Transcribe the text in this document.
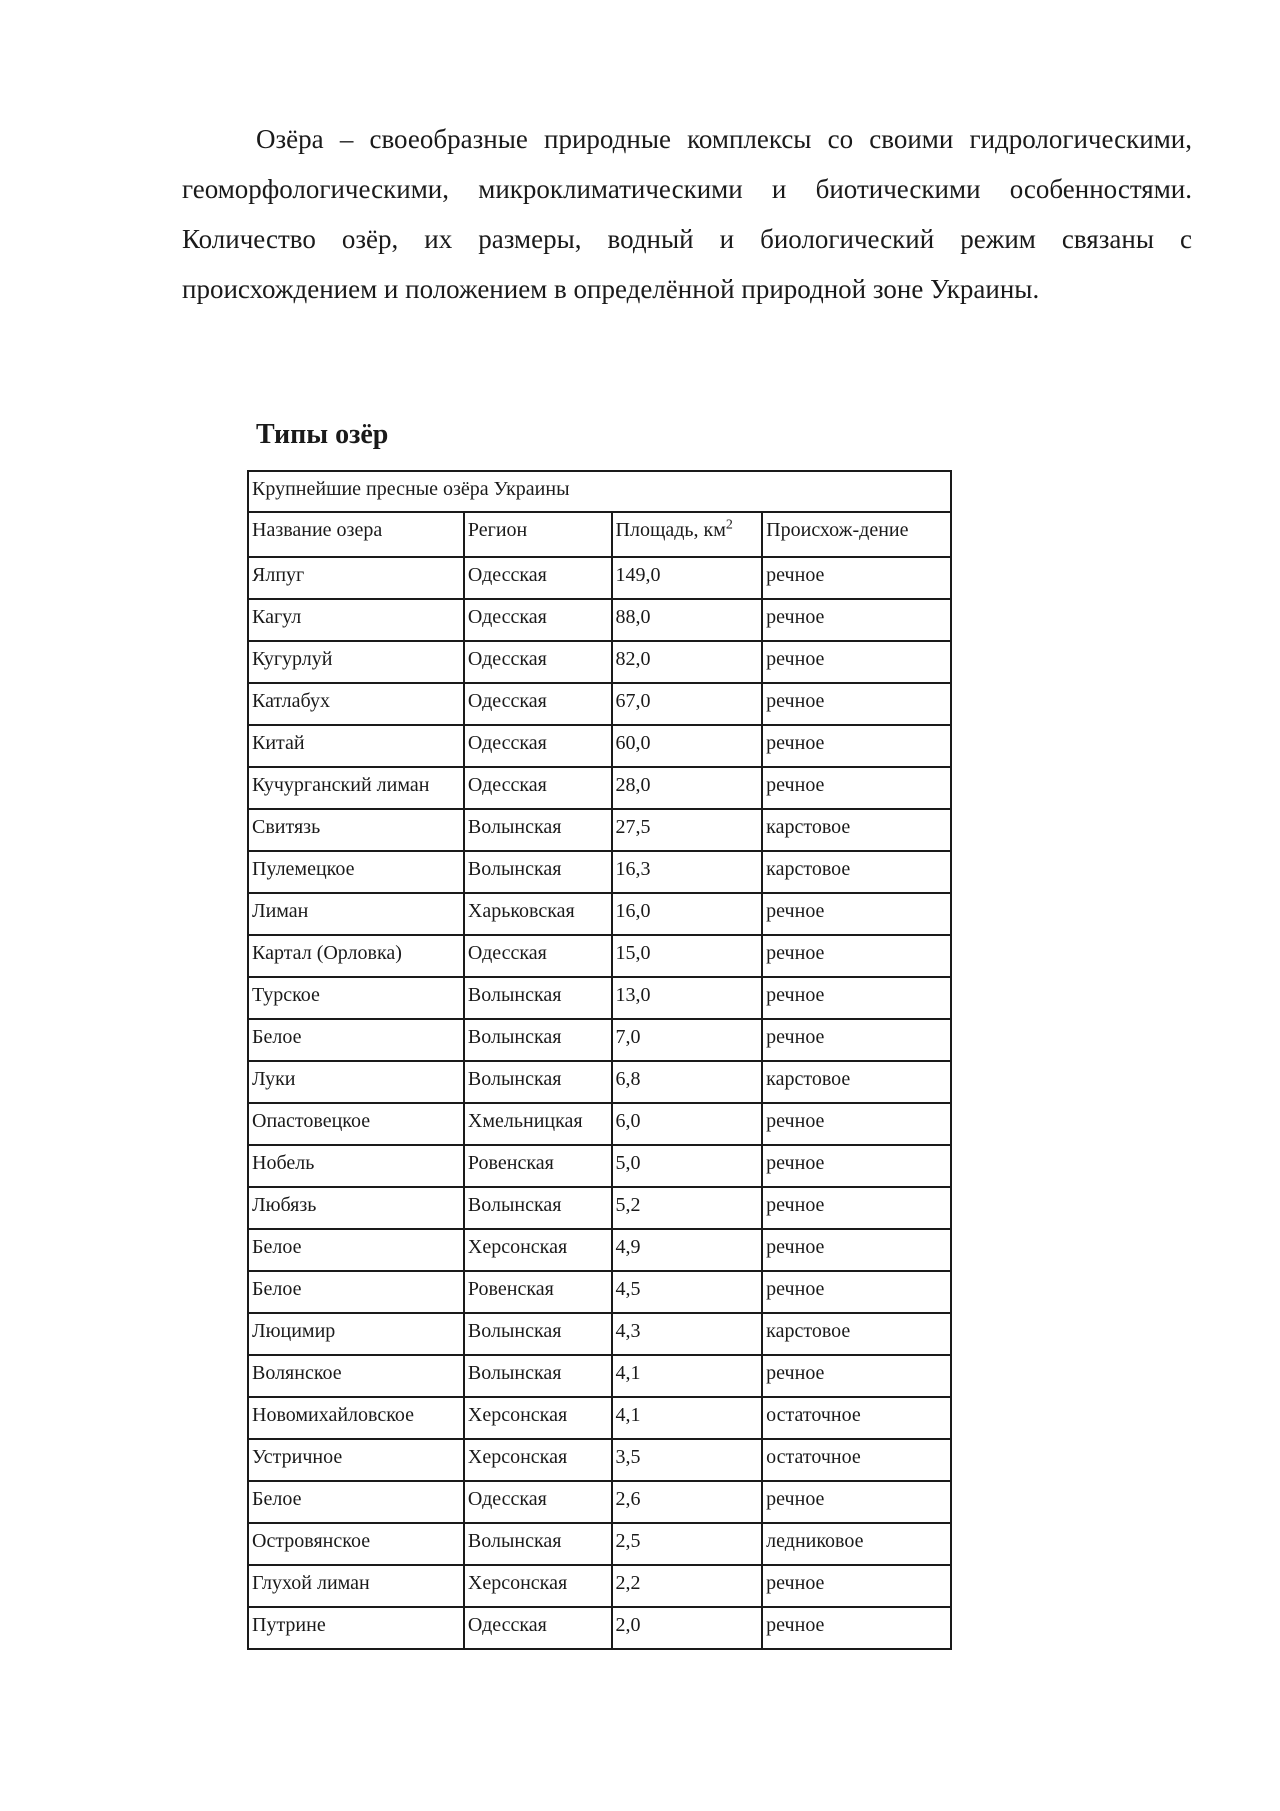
Озёра – своеобразные природные комплексы со своими гидрологическими, геоморфологическими, микроклиматическими и биотическими особенностями. Количество озёр, их размеры, водный и биологический режим связаны с происхождением и положением в определённой природной зоне Украины.

Типы озёр
Крупнейшие пресные озёра Украины			
Название озера	Регион	Площадь, $км^2$	Происхож-дение
Ялпуг	Одесская	149,0	речное
Кагул	Одесская	88,0	речное
Кугурлуй	Одесская	82,0	речное
Катлабух	Одесская	67,0	речное
Китай	Одесская	60,0	речное
Кучурганский лиман	Одесская	28,0	речное
Свитязь	Волынская	27,5	карстовое
Пулемецкое	Волынская	16,3	карстовое
Лиман	Харьковская	16,0	речное
Картал (Орловка)	Одесская	15,0	речное
Турское	Волынская	13,0	речное
Белое	Волынская	7,0	речное
Луки	Волынская	6,8	карстовое
Опастовецкое	Хмельницкая	6,0	речное
Нобель	Ровенская	5,0	речное
Любязь	Волынская	5,2	речное
Белое	Херсонская	4,9	речное
Белое	Ровенская	4,5	речное
Люцимир	Волынская	4,3	карстовое
Волянское	Волынская	4,1	речное
Новомихайловское	Херсонская	4,1	остаточное
Устричное	Херсонская	3,5	остаточное
Белое	Одесская	2,6	речное
Островянское	Волынская	2,5	ледниковое
Глухой лиман	Херсонская	2,2	речное
Путрине	Одесская	2,0	речное
